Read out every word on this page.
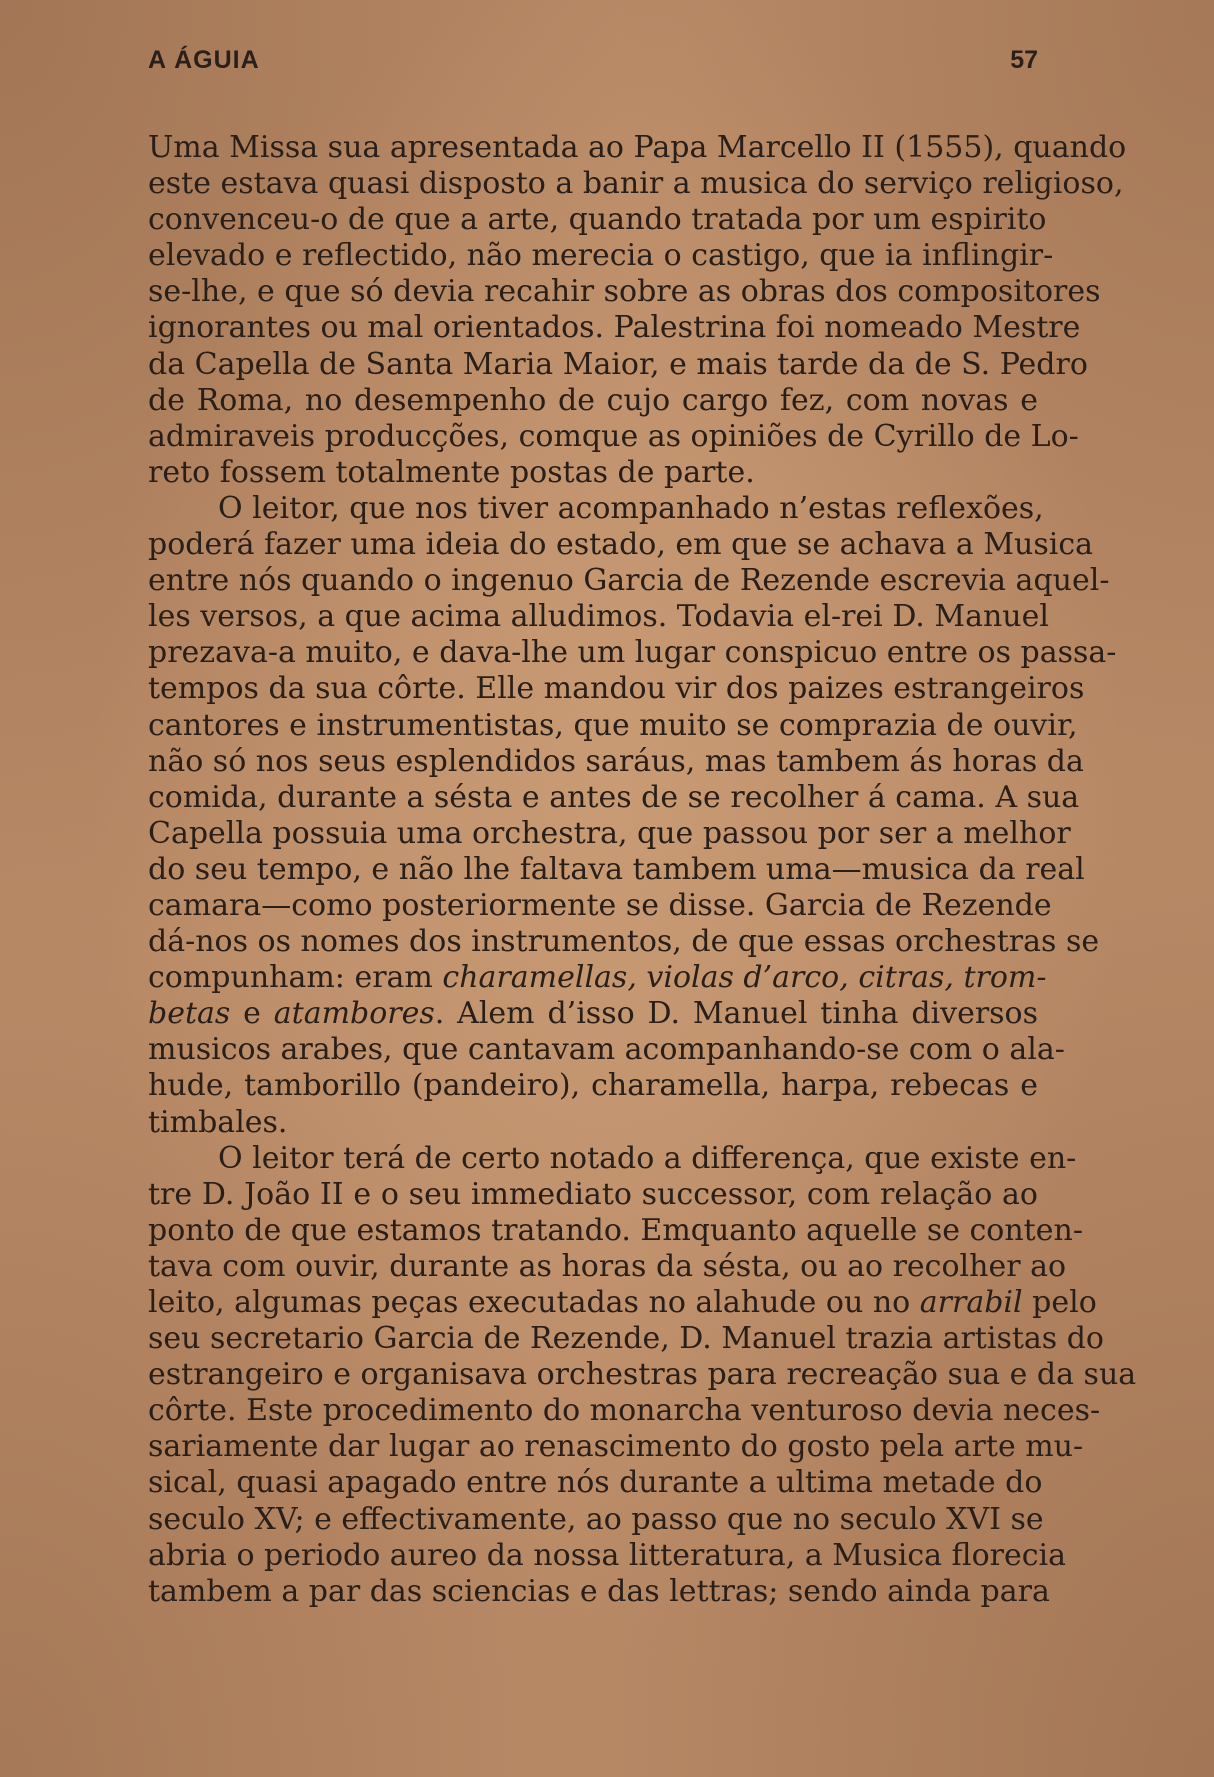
A ÁGUIA	57
Uma Missa sua apresentada ao Papa Marcello II (1555), quando
este estava quasi disposto a banir a musica do serviço religioso,
convenceu-o de que a arte, quando tratada por um espirito
elevado e reflectido, não merecia o castigo, que ia inflingir-
se-lhe, e que só devia recahir sobre as obras dos compositores
ignorantes ou mal orientados. Palestrina foi nomeado Mestre
da Capella de Santa Maria Maior, e mais tarde da de S. Pedro
de Roma, no desempenho de cujo cargo fez, com novas e
admiraveis producções, comque as opiniões de Cyrillo de Lo-
reto fossem totalmente postas de parte.
O leitor, que nos tiver acompanhado n’estas reflexões,
poderá fazer uma ideia do estado, em que se achava a Musica
entre nós quando o ingenuo Garcia de Rezende escrevia aquel-
les versos, a que acima alludimos. Todavia el-rei D. Manuel
prezava-a muito, e dava-lhe um lugar conspicuo entre os passa-
tempos da sua côrte. Elle mandou vir dos paizes estrangeiros
cantores e instrumentistas, que muito se comprazia de ouvir,
não só nos seus esplendidos saráus, mas tambem ás horas da
comida, durante a sésta e antes de se recolher á cama. A sua
Capella possuia uma orchestra, que passou por ser a melhor
do seu tempo, e não lhe faltava tambem uma—musica da real
camara—como posteriormente se disse. Garcia de Rezende
dá-nos os nomes dos instrumentos, de que essas orchestras se
compunham: eram charamellas, violas d’arco, citras, trom-
betas e atambores. Alem d’isso D. Manuel tinha diversos
musicos arabes, que cantavam acompanhando-se com o ala-
hude, tamborillo (pandeiro), charamella, harpa, rebecas e
timbales.
O leitor terá de certo notado a differença, que existe en-
tre D. João II e o seu immediato successor, com relação ao
ponto de que estamos tratando. Emquanto aquelle se conten-
tava com ouvir, durante as horas da sésta, ou ao recolher ao
leito, algumas peças executadas no alahude ou no arrabil pelo
seu secretario Garcia de Rezende, D. Manuel trazia artistas do
estrangeiro e organisava orchestras para recreação sua e da sua
côrte. Este procedimento do monarcha venturoso devia neces-
sariamente dar lugar ao renascimento do gosto pela arte mu-
sical, quasi apagado entre nós durante a ultima metade do
seculo XV; e effectivamente, ao passo que no seculo XVI se
abria o periodo aureo da nossa litteratura, a Musica florecia
tambem a par das sciencias e das lettras; sendo ainda para
